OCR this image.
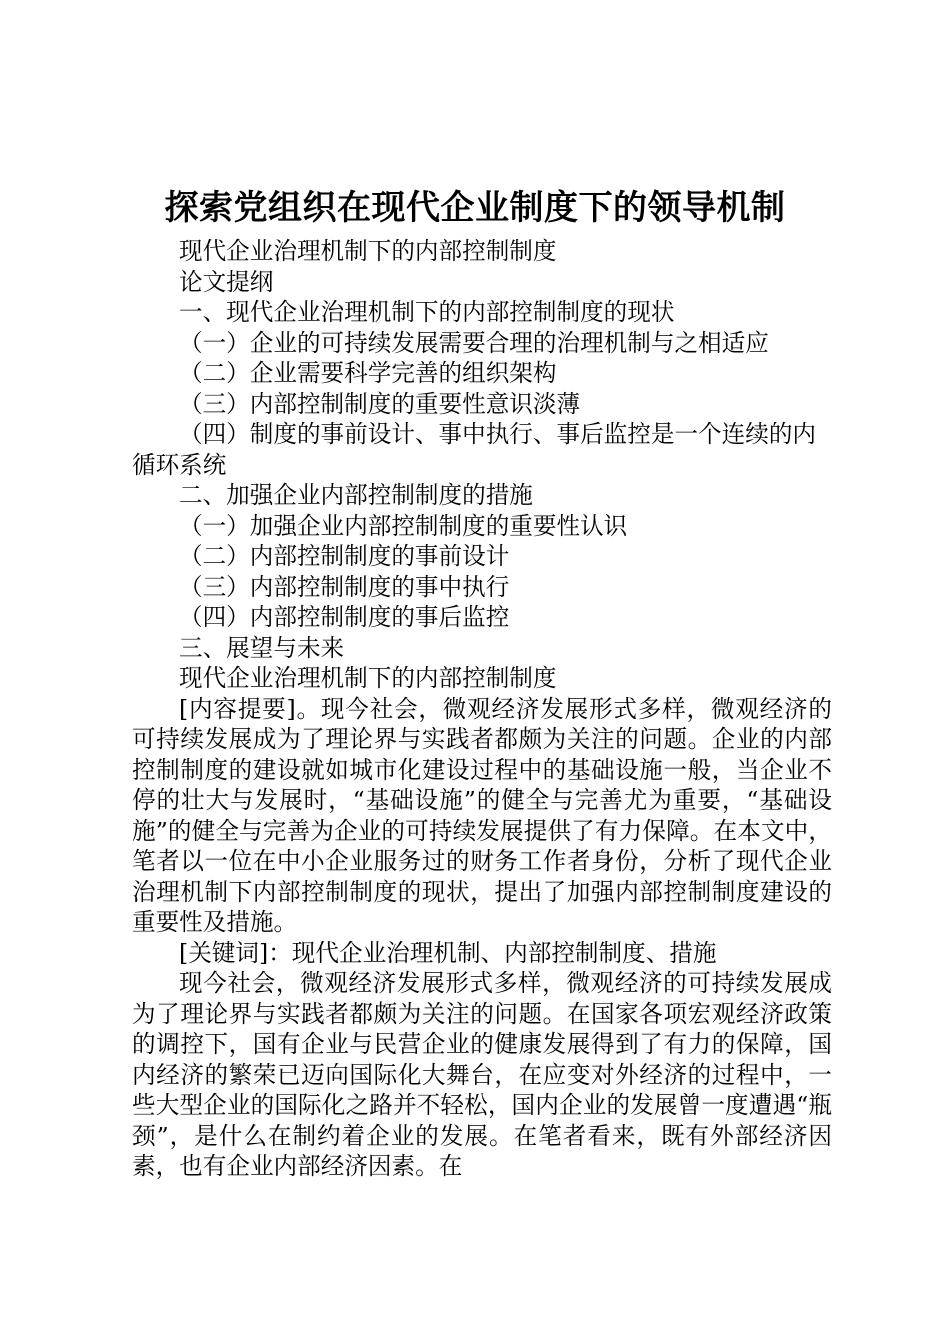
探索党组织在现代企业制度下的领导机制

现代企业治理机制下的内部控制制度

论文提纲

一、现代企业治理机制下的内部控制制度的现状

（一）企业的可持续发展需要合理的治理机制与之相适应

（二）企业需要科学完善的组织架构

（三）内部控制制度的重要性意识淡薄

（四）制度的事前设计、事中执行、事后监控是一个连续的内循环系统

二、加强企业内部控制制度的措施

（一）加强企业内部控制制度的重要性认识

（二）内部控制制度的事前设计

（三）内部控制制度的事中执行

（四）内部控制制度的事后监控

三、展望与未来

现代企业治理机制下的内部控制制度

[内容提要]。现今社会，微观经济发展形式多样，微观经济的可持续发展成为了理论界与实践者都颇为关注的问题。企业的内部控制制度的建设就如城市化建设过程中的基础设施一般，当企业不停的壮大与发展时，“基础设施”的健全与完善尤为重要，“基础设施”的健全与完善为企业的可持续发展提供了有力保障。在本文中，笔者以一位在中小企业服务过的财务工作者身份，分析了现代企业治理机制下内部控制制度的现状，提出了加强内部控制制度建设的重要性及措施。

[关键词]：现代企业治理机制、内部控制制度、措施

现今社会，微观经济发展形式多样，微观经济的可持续发展成为了理论界与实践者都颇为关注的问题。在国家各项宏观经济政策的调控下，国有企业与民营企业的健康发展得到了有力的保障，国内经济的繁荣已迈向国际化大舞台，在应变对外经济的过程中，一些大型企业的国际化之路并不轻松，国内企业的发展曾一度遭遇“瓶颈”，是什么在制约着企业的发展。在笔者看来，既有外部经济因素，也有企业内部经济因素。在
